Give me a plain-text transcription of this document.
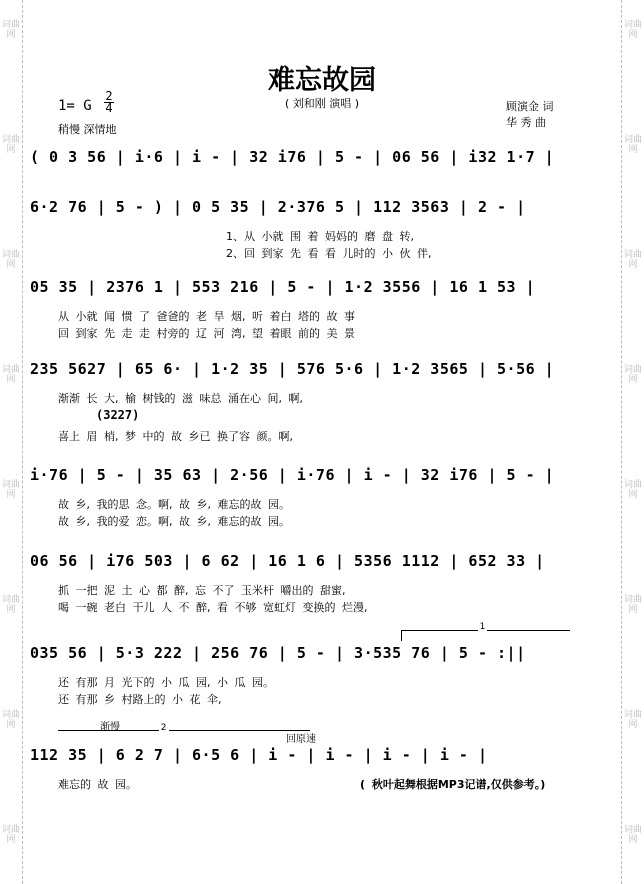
词曲网
词曲网
词曲网
词曲网
词曲网
词曲网
词曲网
词曲网
词曲网
词曲网
词曲网
词曲网
词曲网
词曲网
词曲网
词曲网
难忘故园
( 刘和刚 演唱 )
1= G
2
4
稍慢 深情地
顾演金 词
华 秀 曲
( 0 3 56 | i·6 | i - | 32 i76 | 5 - | 06 56 | i32 1·7 |
6·2 76 | 5 - ) | 0 5 35 | 2·376 5 | 112 3563 | 2 - |
1、从 小就 围 着 妈妈的 磨 盘 转,
2、回 到家 先 看 看 儿时的 小 伙 伴,
05 35 | 2376 1 | 553 216 | 5 - | 1·2 3556 | 16 1 53 |
从 小就 闻 惯 了 爸爸的 老 旱 烟, 听 着白 塔的 故 事
回 到家 先 走 走 村旁的 辽 河 湾, 望 着眼 前的 美 景
235 5627 | 65 6· | 1·2 35 | 576 5·6 | 1·2 3565 | 5·56 |
渐渐 长 大, 榆 树钱的 滋 味总 涌在心 间, 啊,
(3227)
喜上 眉 梢, 梦 中的 故 乡已 换了容 颜。啊,
i·76 | 5 - | 35 63 | 2·56 | i·76 | i - | 32 i76 | 5 - |
故 乡, 我的思 念。啊, 故 乡, 难忘的故 园。
故 乡, 我的爱 恋。啊, 故 乡, 难忘的故 园。
06 56 | i76 503 | 6 62 | 16 1 6 | 5356 1112 | 652 33 |
抓 一把 泥 土 心 都 醉, 忘 不了 玉米杆 嚼出的 甜蜜,
喝 一碗 老白 干儿 人 不 醉, 看 不够 宽虹灯 变换的 烂漫,
1
035 56 | 5·3 222 | 256 76 | 5 - | 3·535 76 | 5 - :||
还 有那 月 光下的 小 瓜 园, 小 瓜 园。
还 有那 乡 村路上的 小 花 伞,
2
渐慢
回原速
112 35 | 6 2 7 | 6·5 6 | i - | i - | i - | i - |
难忘的 故 园。	( 秋叶起舞根据MP3记谱,仅供参考。)
